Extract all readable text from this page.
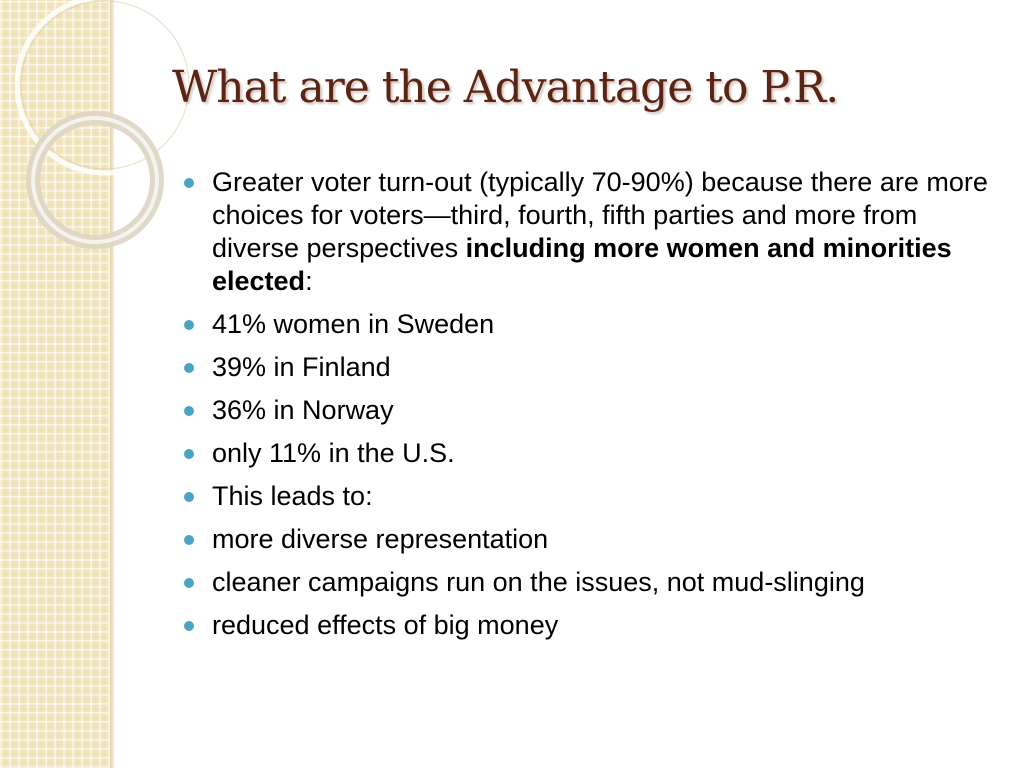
What are the Advantage to P.R.
Greater voter turn-out (typically 70-90%) because there are more choices for voters—third, fourth, fifth parties and more from diverse perspectives including more women and minorities elected:
41% women in Sweden
39% in Finland
36% in Norway
only 11% in the U.S.
This leads to:
more diverse representation
cleaner campaigns run on the issues, not mud-slinging
reduced effects of big money
